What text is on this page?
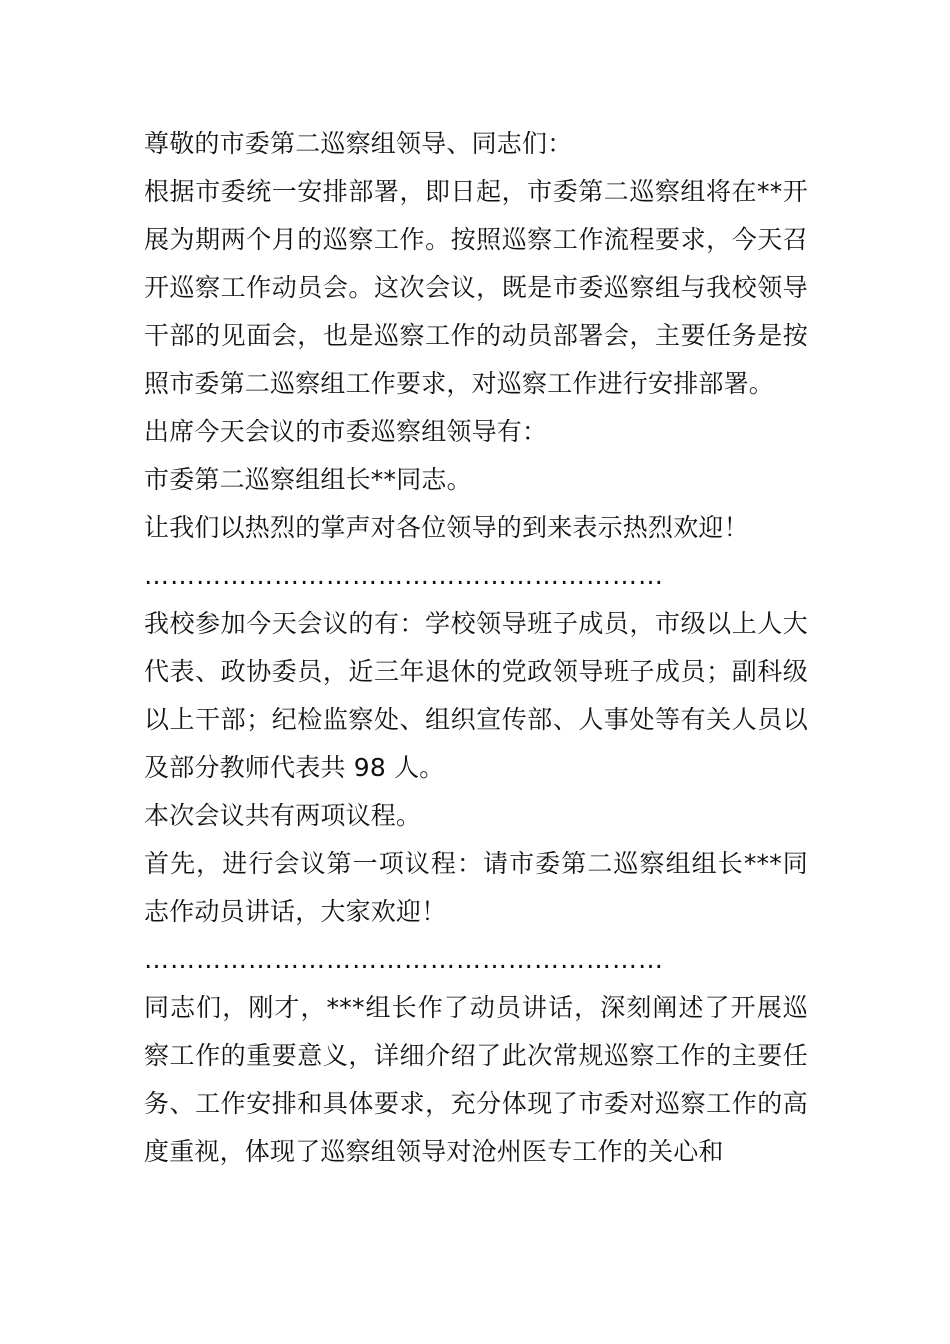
尊敬的市委第二巡察组领导、同志们：

根据市委统一安排部署，即日起，市委第二巡察组将在**开展为期两个月的巡察工作。按照巡察工作流程要求，今天召开巡察工作动员会。这次会议，既是市委巡察组与我校领导干部的见面会，也是巡察工作的动员部署会，主要任务是按照市委第二巡察组工作要求，对巡察工作进行安排部署。

出席今天会议的市委巡察组领导有：

市委第二巡察组组长**同志。

让我们以热烈的掌声对各位领导的到来表示热烈欢迎！

……………………………………………………

我校参加今天会议的有：学校领导班子成员，市级以上人大代表、政协委员，近三年退休的党政领导班子成员；副科级以上干部；纪检监察处、组织宣传部、人事处等有关人员以及部分教师代表共 98 人。

本次会议共有两项议程。

首先，进行会议第一项议程：请市委第二巡察组组长***同志作动员讲话，大家欢迎！

……………………………………………………

同志们，刚才，***组长作了动员讲话，深刻阐述了开展巡察工作的重要意义，详细介绍了此次常规巡察工作的主要任务、工作安排和具体要求，充分体现了市委对巡察工作的高度重视，体现了巡察组领导对沧州医专工作的关心和
